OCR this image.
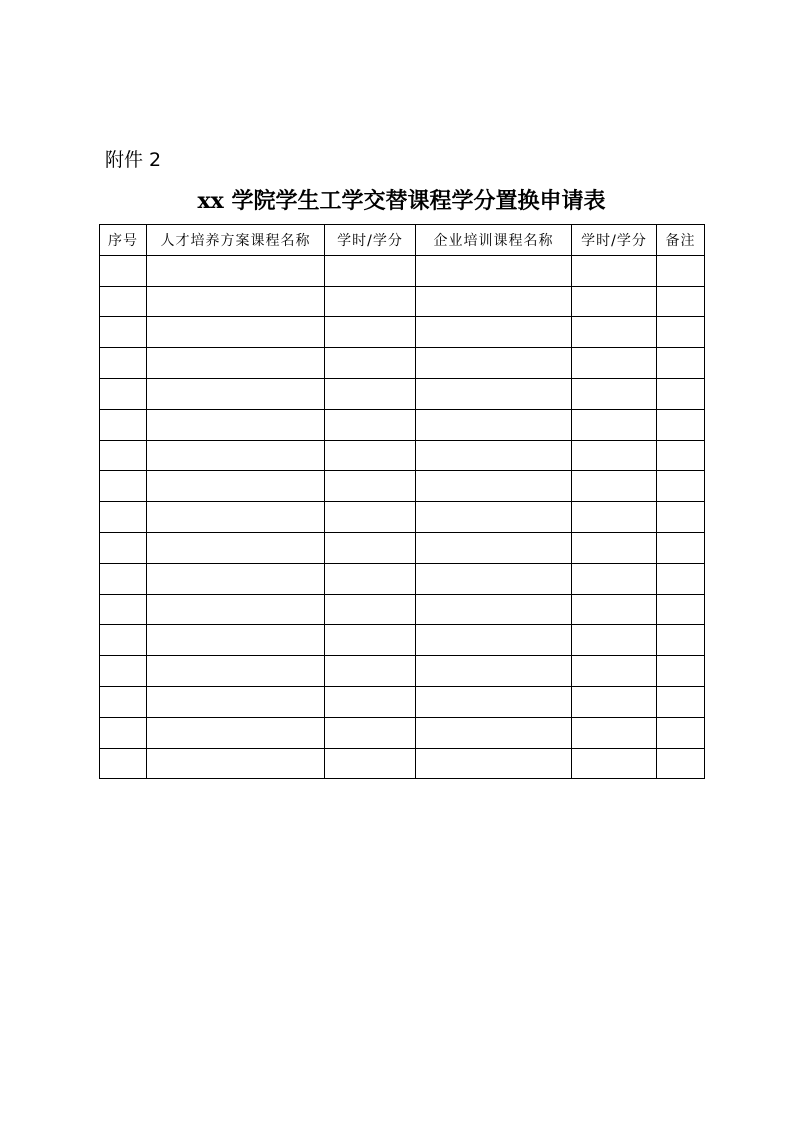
附件 2
xx 学院学生工学交替课程学分置换申请表
序号	人才培养方案课程名称	学时/学分	企业培训课程名称	学时/学分	备注
